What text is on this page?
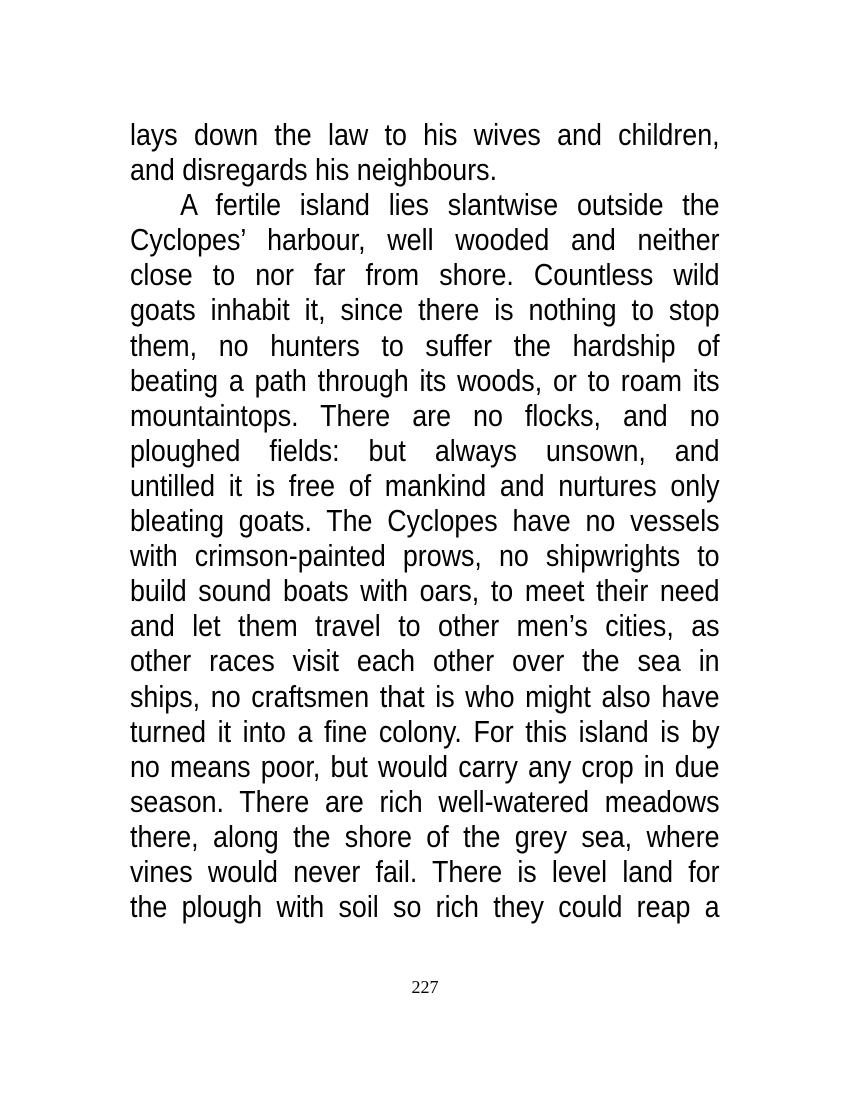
lays down the law to his wives and children,
and disregards his neighbours.
A fertile island lies slantwise outside the
Cyclopes’ harbour, well wooded and neither
close to nor far from shore. Countless wild
goats inhabit it, since there is nothing to stop
them, no hunters to suffer the hardship of
beating a path through its woods, or to roam its
mountaintops. There are no flocks, and no
ploughed fields: but always unsown, and
untilled it is free of mankind and nurtures only
bleating goats. The Cyclopes have no vessels
with crimson-painted prows, no shipwrights to
build sound boats with oars, to meet their need
and let them travel to other men’s cities, as
other races visit each other over the sea in
ships, no craftsmen that is who might also have
turned it into a fine colony. For this island is by
no means poor, but would carry any crop in due
season. There are rich well-watered meadows
there, along the shore of the grey sea, where
vines would never fail. There is level land for
the plough with soil so rich they could reap a
227
